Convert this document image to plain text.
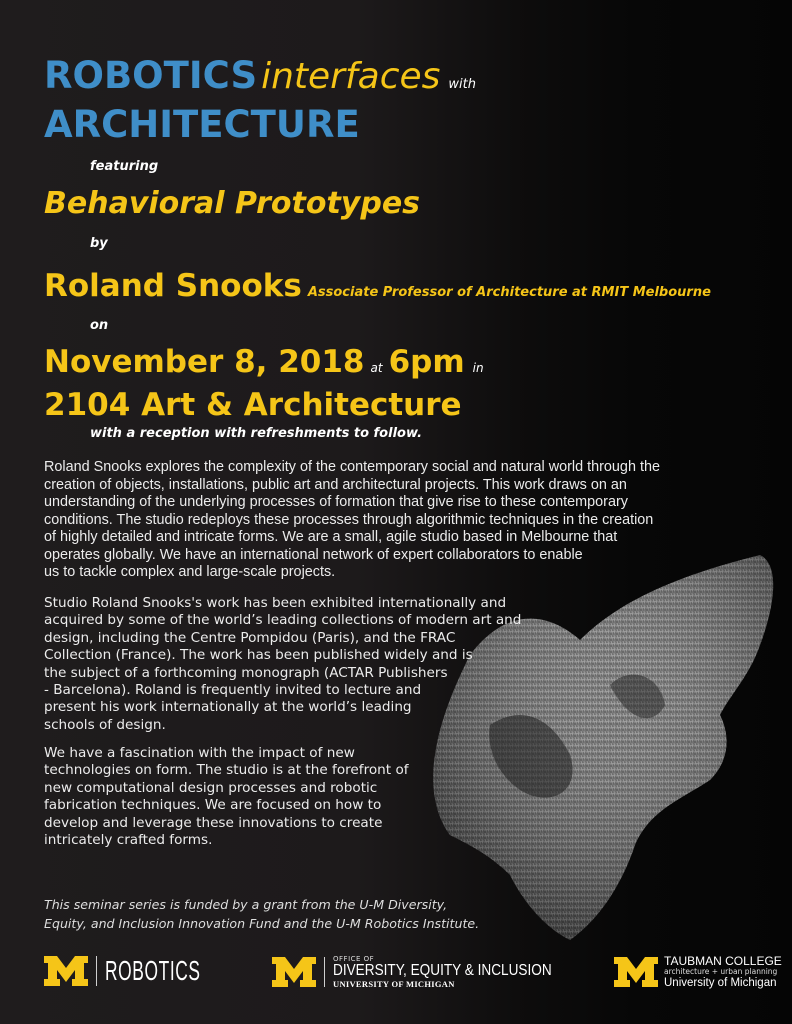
ROBOTICS interfaces with
ARCHITECTURE
featuring
Behavioral Prototypes
by
Roland Snooks Associate Professor of Architecture at RMIT Melbourne
on
November 8, 2018 at 6pm in
2104 Art & Architecture
with a reception with refreshments to follow.
Roland Snooks explores the complexity of the contemporary social and natural world through the
creation of objects, installations, public art and architectural projects. This work draws on an
understanding of the underlying processes of formation that give rise to these contemporary
conditions. The studio redeploys these processes through algorithmic techniques in the creation
of highly detailed and intricate forms. We are a small, agile studio based in Melbourne that
operates globally. We have an international network of expert collaborators to enable
us to tackle complex and large-scale projects.
Studio Roland Snooks's work has been exhibited internationally and
acquired by some of the world’s leading collections of modern art and
design, including the Centre Pompidou (Paris), and the FRAC
Collection (France). The work has been published widely and is
the subject of a forthcoming monograph (ACTAR Publishers
- Barcelona). Roland is frequently invited to lecture and
present his work internationally at the world’s leading
schools of design.
We have a fascination with the impact of new
technologies on form. The studio is at the forefront of
new computational design processes and robotic
fabrication techniques. We are focused on how to
develop and leverage these innovations to create
intricately crafted forms.
This seminar series is funded by a grant from the U-M Diversity,
Equity, and Inclusion Innovation Fund and the U-M Robotics Institute.
ROBOTICS	OFFICE OF
DIVERSITY, EQUITY & INCLUSION
UNIVERSITY OF MICHIGAN
TAUBMAN COLLEGE
architecture + urban planning
University of Michigan
